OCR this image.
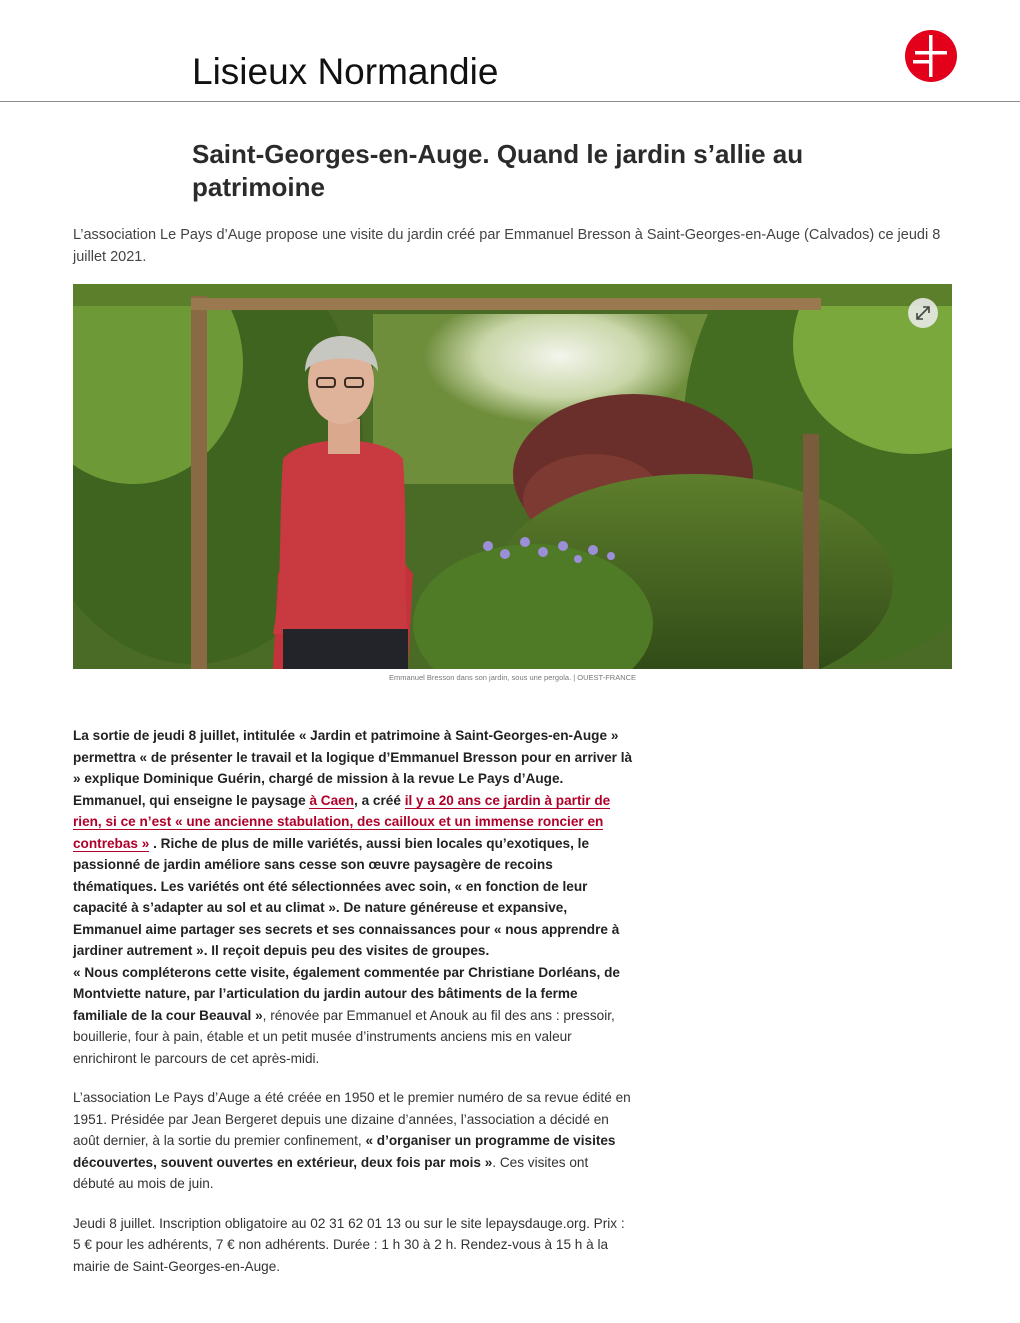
Lisieux Normandie
Saint-Georges-en-Auge. Quand le jardin s’allie au patrimoine

L’association Le Pays d’Auge propose une visite du jardin créé par Emmanuel Bresson à Saint-Georges-en-Auge (Calvados) ce jeudi 8 juillet 2021.

Emmanuel Bresson dans son jardin, sous une pergola. | OUEST-FRANCE

La sortie de jeudi 8 juillet, intitulée « Jardin et patrimoine à Saint-Georges-en-Auge » permettra « de présenter le travail et la logique d’Emmanuel Bresson pour en arriver là » explique Dominique Guérin, chargé de mission à la revue Le Pays d’Auge. Emmanuel, qui enseigne le paysage à Caen, a créé il y a 20 ans ce jardin à partir de rien, si ce n’est « une ancienne stabulation, des cailloux et un immense roncier en contrebas » . Riche de plus de mille variétés, aussi bien locales qu’exotiques, le passionné de jardin améliore sans cesse son œuvre paysagère de recoins thématiques. Les variétés ont été sélectionnées avec soin, « en fonction de leur capacité à s’adapter au sol et au climat ». De nature généreuse et expansive, Emmanuel aime partager ses secrets et ses connaissances pour « nous apprendre à jardiner autrement ». Il reçoit depuis peu des visites de groupes.
« Nous compléterons cette visite, également commentée par Christiane Dorléans, de Montviette nature, par l’articulation du jardin autour des bâtiments de la ferme familiale de la cour Beauval », rénovée par Emmanuel et Anouk au fil des ans : pressoir, bouillerie, four à pain, étable et un petit musée d’instruments anciens mis en valeur enrichiront le parcours de cet après-midi.

L’association Le Pays d’Auge a été créée en 1950 et le premier numéro de sa revue édité en 1951. Présidée par Jean Bergeret depuis une dizaine d’années, l’association a décidé en août dernier, à la sortie du premier confinement, « d’organiser un programme de visites découvertes, souvent ouvertes en extérieur, deux fois par mois ». Ces visites ont débuté au mois de juin.

Jeudi 8 juillet. Inscription obligatoire au 02 31 62 01 13 ou sur le site lepaysdauge.org. Prix : 5 € pour les adhérents, 7 € non adhérents. Durée : 1 h 30 à 2 h. Rendez-vous à 15 h à la mairie de Saint-Georges-en-Auge.
